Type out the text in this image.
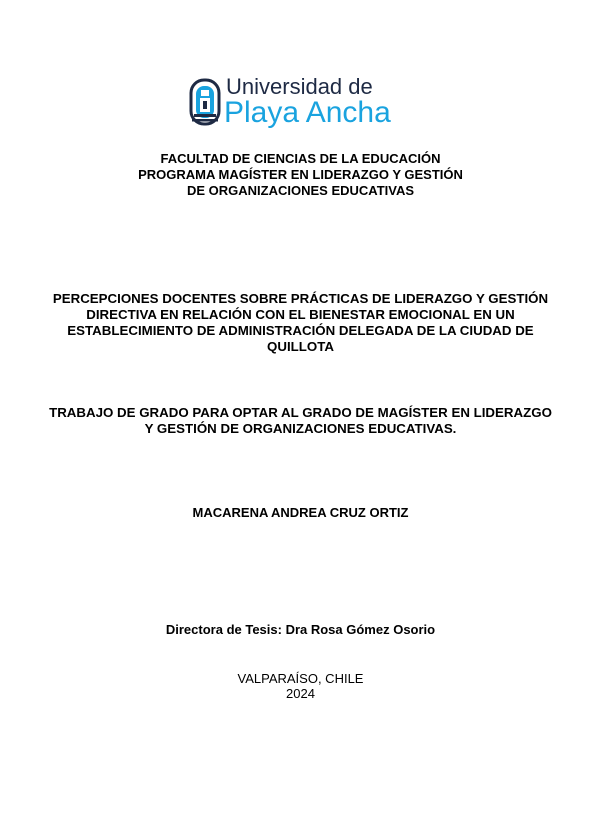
Universidad de
Playa Ancha
FACULTAD DE CIENCIAS DE LA EDUCACIÓN
PROGRAMA MAGÍSTER EN LIDERAZGO Y GESTIÓN
DE ORGANIZACIONES EDUCATIVAS
PERCEPCIONES DOCENTES SOBRE PRÁCTICAS DE LIDERAZGO Y GESTIÓN
DIRECTIVA EN RELACIÓN CON EL BIENESTAR EMOCIONAL EN UN
ESTABLECIMIENTO DE ADMINISTRACIÓN DELEGADA DE LA CIUDAD DE
QUILLOTA
TRABAJO DE GRADO PARA OPTAR AL GRADO DE MAGÍSTER EN LIDERAZGO
Y GESTIÓN DE ORGANIZACIONES EDUCATIVAS.
MACARENA ANDREA CRUZ ORTIZ
Directora de Tesis: Dra Rosa Gómez Osorio
VALPARAÍSO, CHILE
2024
